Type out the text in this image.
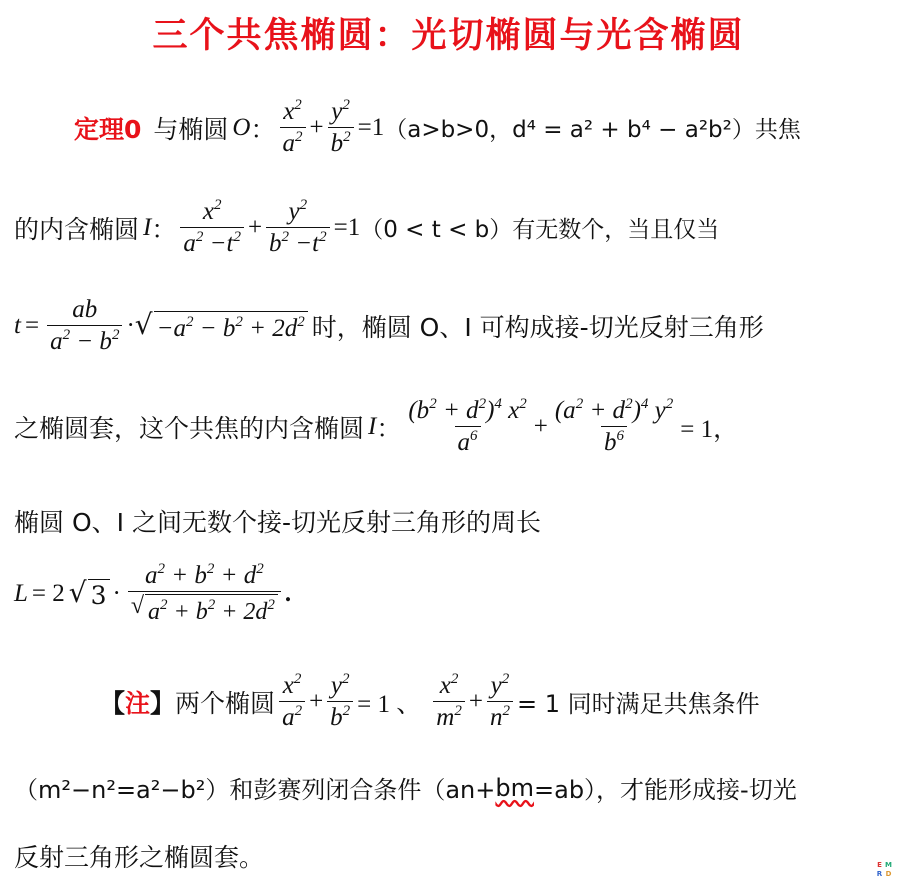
三个共焦椭圆：光切椭圆与光含椭圆
定理0 与椭圆 O ： $\frac{x^2}{a^2} + \frac{y^2}{b^2} =1$ （a>b>0，d⁴ = a² + b⁴ − a²b²）共焦
的内含椭圆 I ： $\frac{x^2}{a^2 -t^2} + \frac{y^2}{b^2 -t^2} =1$ （0 < t < b）有无数个，当且仅当
$t = \frac{ab}{a^2 - b^2}$ · √ $-a^2 - b^2 + 2d^2$ 时，椭圆 O、I 可构成接-切光反射三角形
之椭圆套，这个共焦的内含椭圆 I ： $\frac{(b^2 + d^2)^4 x^2}{a^6} + \frac{(a^2 + d^2)^4 y^2}{b^6} = 1$，
椭圆 O、I 之间无数个接-切光反射三角形的周长
L = 2 √ $3 \cdot \frac{a^2 + b^2 + d^2}{√ a^2 + b^2 + 2d^2}$ .
【 注 】 两个椭圆 $\frac{x^2}{a^2} + \frac{y^2}{b^2} = 1$ 、 $\frac{x^2}{m^2} + \frac{y^2}{n^2} = 1$ 同时满足共焦条件
（m²−n²=a²−b²）和彭赛列闭合条件（an+ bm =ab），才能形成接-切光
反射三角形之椭圆套。	E M
R D
